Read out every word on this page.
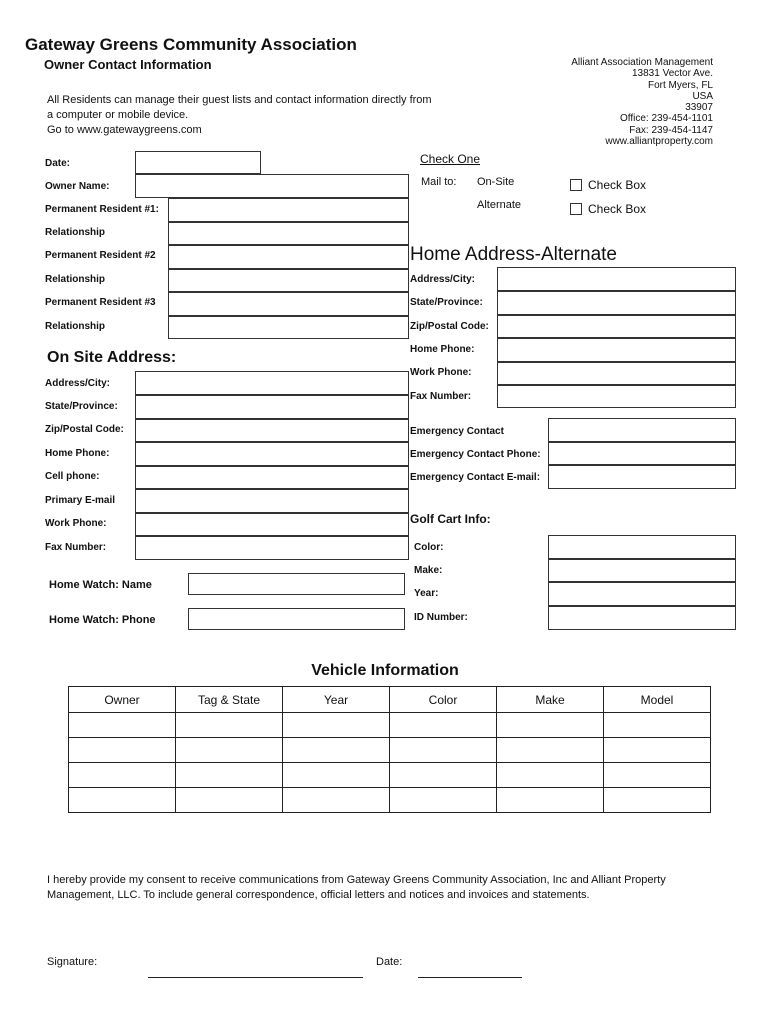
Gateway Greens Community Association
Owner Contact Information
All Residents can manage their guest lists and contact information directly from
a computer or mobile device.
Go to www.gatewaygreens.com
Alliant Association Management
13831 Vector Ave.
Fort Myers, FL
USA
33907
Office: 239-454-1101
Fax: 239-454-1147
www.alliantproperty.com
Date:
Owner Name:
Permanent Resident #1:
Relationship
Permanent Resident #2
Relationship
Permanent Resident #3
Relationship
Check One
Mail to: On-Site
Alternate
Check Box
Check Box
Home Address-Alternate
Address/City:
State/Province:
Zip/Postal Code:
Home Phone:
Work Phone:
Fax Number:
On Site Address:
Address/City:
State/Province:
Zip/Postal Code:
Home Phone:
Cell phone:
Primary E-mail
Work Phone:
Fax Number:
Emergency Contact
Emergency Contact Phone:
Emergency Contact E-mail:
Golf Cart Info:
Color:
Make:
Year:
ID Number:
Home Watch: Name
Home Watch: Phone
Vehicle Information
Owner	Tag & State	Year	Color	Make	Model

I hereby provide my consent to receive communications from Gateway Greens Community Association, Inc and Alliant Property
Management, LLC. To include general correspondence, official letters and notices and invoices and statements.
Signature:	Date:
